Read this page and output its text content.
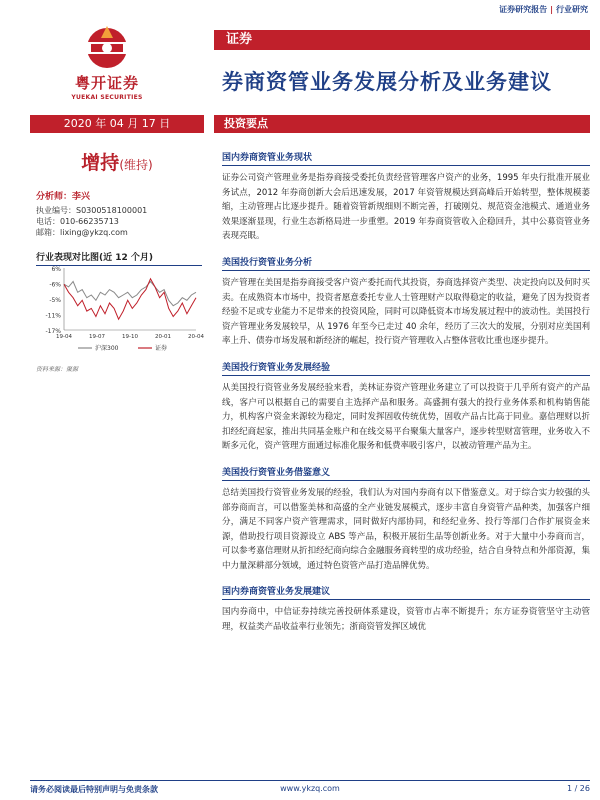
证券研究报告 | 行业研究
粤开证券
YUEKAI SECURITIES
证券
券商资管业务发展分析及业务建议
2020 年 04 月 17 日	投资要点
增持(维持)
分析师：李兴
执业编号：S0300518100001
电话：010-66235713
邮箱：lixing@ykzq.com
行业表现对比图(近 12 个月)
6%
-6%
-5%
-11%
-17%
19-04	19-07	19-10	20-01	20-04
沪深300	证券
资料来源：聚源
国内券商资管业务现状
证券公司资产管理业务是指券商接受委托负责经营管理客户资产的业务，1995 年央行批准开展业务试点，2012 年券商创新大会后迅速发展，2017 年资管规模达到高峰后开始转型，整体规模萎缩，主动管理占比逐步提升。随着资管新规细则不断完善，打破刚兑、规范资金池模式、通道业务效果逐渐显现，行业生态新格局进一步重塑。2019 年券商资管收入企稳回升，其中公募资管业务表现亮眼。
美国投行资管业务分析
资产管理在美国是指券商接受客户资产委托而代其投资，券商选择资产类型、决定投向以及何时买卖。在成熟资本市场中，投资者愿意委托专业人士管理财产以取得稳定的收益，避免了因为投资者经验不足或专业能力不足带来的投资风险，同时可以降低资本市场发展过程中的波动性。美国投行资产管理业务发展较早，从 1976 年至今已走过 40 余年，经历了三次大的发展，分别对应美国利率上升、债券市场发展和新经济的崛起，投行资产管理收入占整体营收比重也逐步提升。
美国投行资管业务发展经验
从美国投行资管业务发展经验来看，美林证券资产管理业务建立了可以投资于几乎所有资产的产品线，客户可以根据自己的需要自主选择产品和服务。高盛拥有强大的投行业务体系和机构销售能力，机构客户资金来源较为稳定，同时发挥固收传统优势，固收产品占比高于同业。嘉信理财以折扣经纪商起家，推出共同基金账户和在线交易平台聚集大量客户，逐步转型财富管理，业务收入不断多元化，资产管理方面通过标准化服务和低费率吸引客户，以被动管理产品为主。
美国投行资管业务借鉴意义
总结美国投行资管业务发展的经验，我们认为对国内券商有以下借鉴意义。对于综合实力较强的头部券商而言，可以借鉴美林和高盛的全产业链发展模式，逐步丰富自身资管产品种类，加强客户细分，满足不同客户资产管理需求，同时做好内部协同，和经纪业务、投行等部门合作扩展资金来源，借助投行项目资源设立 ABS 等产品，积极开展衍生品等创新业务。对于大量中小券商而言，可以参考嘉信理财从折扣经纪商向综合金融服务商转型的成功经验，结合自身特点和外部资源，集中力量深耕部分领域，通过特色资管产品打造品牌优势。
国内券商资管业务发展建议
国内券商中，中信证券持续完善投研体系建设，资管市占率不断提升；东方证券资管坚守主动管理，权益类产品收益率行业领先；浙商资管发挥区域优
请务必阅读最后特别声明与免责条款	www.ykzq.com	1 / 26
